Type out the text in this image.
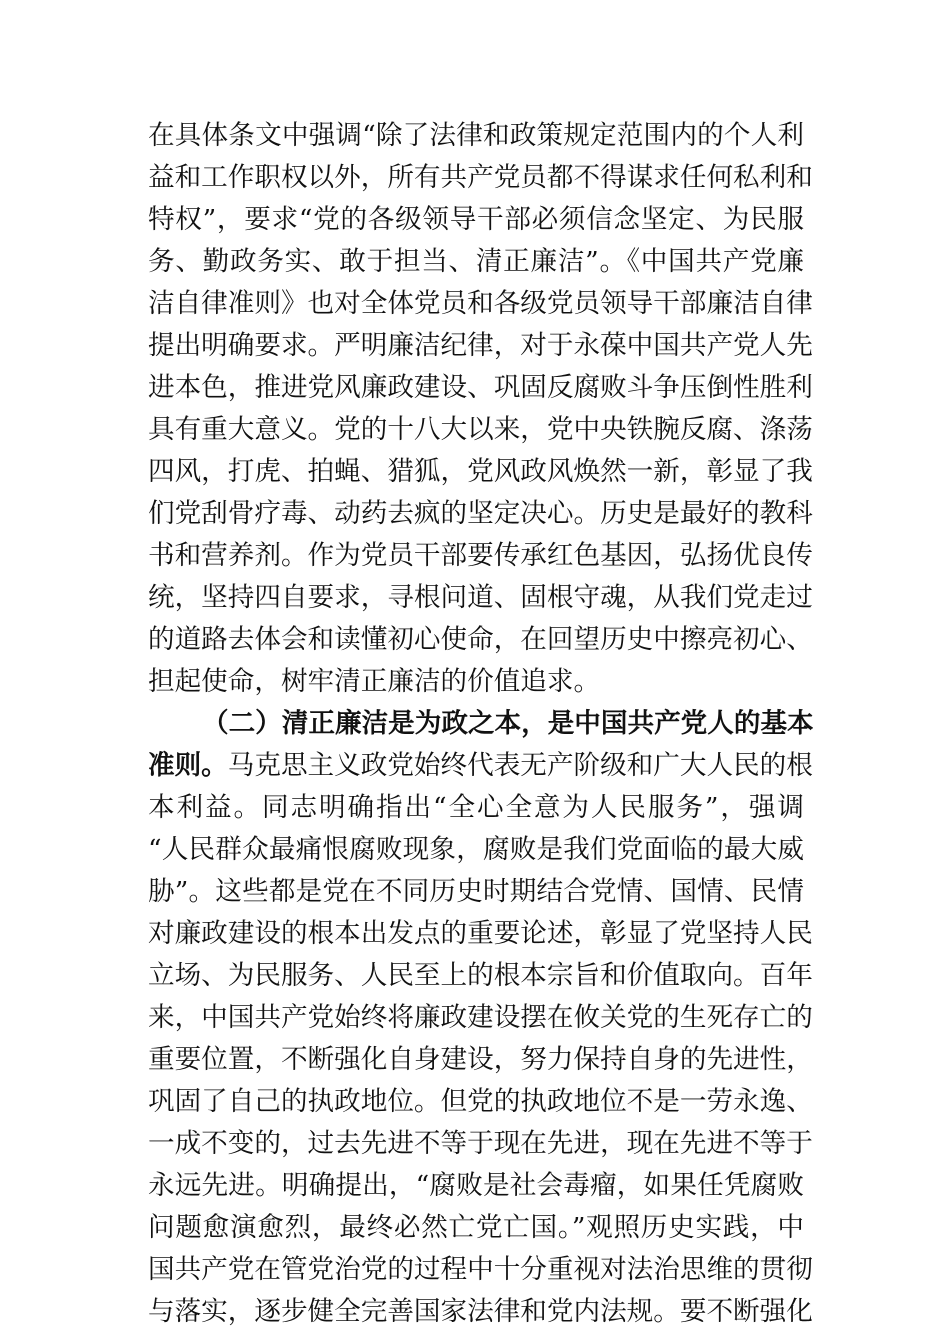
在具体条文中强调“除了法律和政策规定范围内的个人利
益和工作职权以外，所有共产党员都不得谋求任何私利和
特权”，要求“党的各级领导干部必须信念坚定、为民服
务、勤政务实、敢于担当、清正廉洁”。《中国共产党廉
洁自律准则》也对全体党员和各级党员领导干部廉洁自律
提出明确要求。严明廉洁纪律，对于永葆中国共产党人先
进本色，推进党风廉政建设、巩固反腐败斗争压倒性胜利
具有重大意义。党的十八大以来，党中央铁腕反腐、涤荡
四风，打虎、拍蝇、猎狐，党风政风焕然一新，彰显了我
们党刮骨疗毒、动药去疯的坚定决心。历史是最好的教科
书和营养剂。作为党员干部要传承红色基因，弘扬优良传
统，坚持四自要求，寻根问道、固根守魂，从我们党走过
的道路去体会和读懂初心使命，在回望历史中擦亮初心、
担起使命，树牢清正廉洁的价值追求。
（二）清正廉洁是为政之本，是中国共产党人的基本
准则。马克思主义政党始终代表无产阶级和广大人民的根
本利益。同志明确指出“全心全意为人民服务”，强调
“人民群众最痛恨腐败现象，腐败是我们党面临的最大威
胁”。这些都是党在不同历史时期结合党情、国情、民情
对廉政建设的根本出发点的重要论述，彰显了党坚持人民
立场、为民服务、人民至上的根本宗旨和价值取向。百年
来，中国共产党始终将廉政建设摆在攸关党的生死存亡的
重要位置，不断强化自身建设，努力保持自身的先进性，
巩固了自己的执政地位。但党的执政地位不是一劳永逸、
一成不变的，过去先进不等于现在先进，现在先进不等于
永远先进。明确提出，“腐败是社会毒瘤，如果任凭腐败
问题愈演愈烈，最终必然亡党亡国。”观照历史实践，中
国共产党在管党治党的过程中十分重视对法治思维的贯彻
与落实，逐步健全完善国家法律和党内法规。要不断强化
